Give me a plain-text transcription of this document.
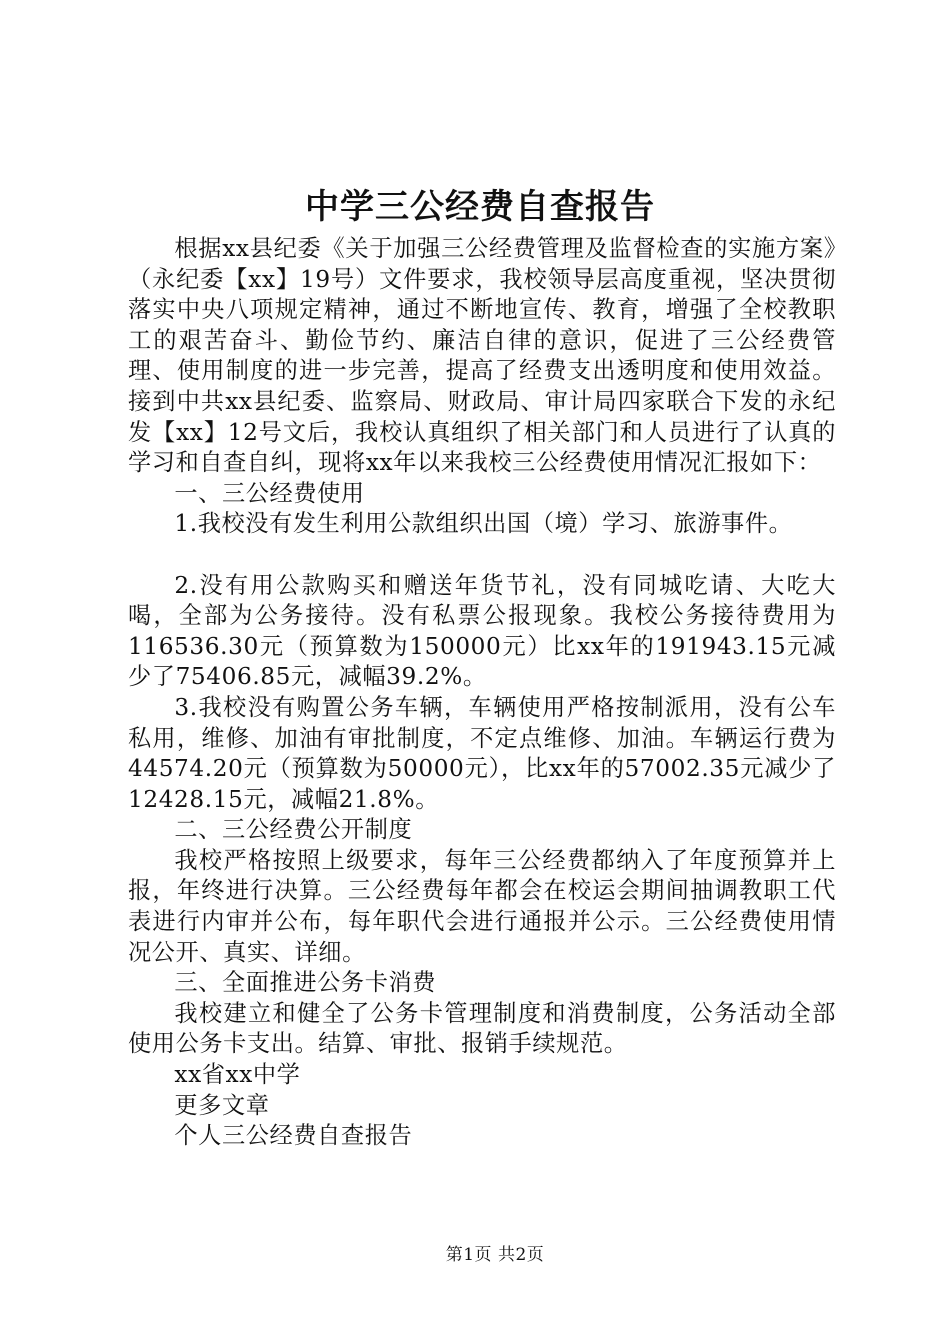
中学三公经费自查报告

根据xx县纪委《关于加强三公经费管理及监督检查的实施方案》（永纪委【xx】19号）文件要求，我校领导层高度重视，坚决贯彻落实中央八项规定精神，通过不断地宣传、教育，增强了全校教职工的艰苦奋斗、勤俭节约、廉洁自律的意识，促进了三公经费管理、使用制度的进一步完善，提高了经费支出透明度和使用效益。接到中共xx县纪委、监察局、财政局、审计局四家联合下发的永纪发【xx】12号文后，我校认真组织了相关部门和人员进行了认真的学习和自查自纠，现将xx年以来我校三公经费使用情况汇报如下：

一、三公经费使用

1.我校没有发生利用公款组织出国（境）学习、旅游事件。

2.没有用公款购买和赠送年货节礼，没有同城吃请、大吃大喝，全部为公务接待。没有私票公报现象。我校公务接待费用为116536.30元（预算数为150000元）比xx年的191943.15元减少了75406.85元，减幅39.2%。

3.我校没有购置公务车辆，车辆使用严格按制派用，没有公车私用，维修、加油有审批制度，不定点维修、加油。车辆运行费为44574.20元（预算数为50000元），比xx年的57002.35元减少了12428.15元，减幅21.8%。

二、三公经费公开制度

我校严格按照上级要求，每年三公经费都纳入了年度预算并上报，年终进行决算。三公经费每年都会在校运会期间抽调教职工代表进行内审并公布，每年职代会进行通报并公示。三公经费使用情况公开、真实、详细。

三、全面推进公务卡消费

我校建立和健全了公务卡管理制度和消费制度，公务活动全部使用公务卡支出。结算、审批、报销手续规范。

xx省xx中学

更多文章

个人三公经费自查报告

第1页 共2页
